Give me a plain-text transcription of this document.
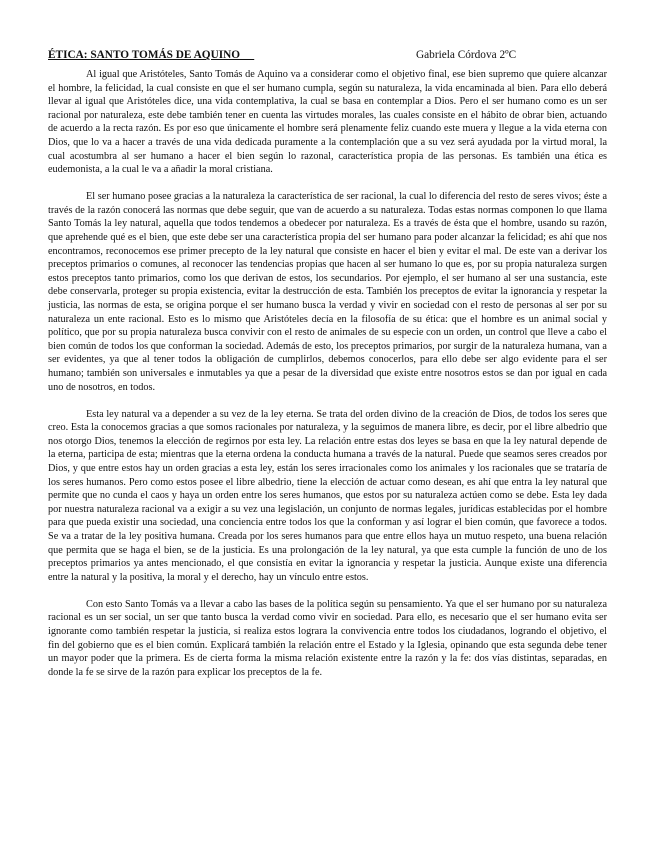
ÉTICA: SANTO TOMÁS DE AQUINO	Gabriela Córdova 2ºC

Al igual que Aristóteles, Santo Tomás de Aquino va a considerar como el objetivo final, ese bien supremo que quiere alcanzar el hombre, la felicidad, la cual consiste en que el ser humano cumpla, según su naturaleza, la vida encaminada al bien. Para ello deberá llevar al igual que Aristóteles dice, una vida contemplativa, la cual se basa en contemplar a Dios. Pero el ser humano como es un ser racional por naturaleza, este debe también tener en cuenta las virtudes morales, las cuales consiste en el hábito de obrar bien, actuando de acuerdo a la recta razón. Es por eso que únicamente el hombre será plenamente feliz cuando este muera y llegue a la vida eterna con Dios, que lo va a hacer a través de una vida dedicada puramente a la contemplación que a su vez será ayudada por la virtud moral, la cual acostumbra al ser humano a hacer el bien según lo razonal, característica propia de las personas. Es también una ética es eudemonista, a la cual le va a añadir la moral cristiana.

El ser humano posee gracias a la naturaleza la característica de ser racional, la cual lo diferencia del resto de seres vivos; éste a través de la razón conocerá las normas que debe seguir, que van de acuerdo a su naturaleza. Todas estas normas componen lo que llama Santo Tomás la ley natural, aquella que todos tendemos a obedecer por naturaleza. Es a través de ésta que el hombre, usando su razón, que aprehende qué es el bien, que este debe ser una característica propia del ser humano para poder alcanzar la felicidad; es ahí que nos encontramos, reconocemos ese primer precepto de la ley natural que consiste en hacer el bien y evitar el mal. De este van a derivar los preceptos primarios o comunes, al reconocer las tendencias propias que hacen al ser humano lo que es, por su propia naturaleza surgen estos preceptos tanto primarios, como los que derivan de estos, los secundarios. Por ejemplo, el ser humano al ser una sustancia, este debe conservarla, proteger su propia existencia, evitar la destrucción de esta. También los preceptos de evitar la ignorancia y respetar la justicia, las normas de esta, se origina porque el ser humano busca la verdad y vivir en sociedad con el resto de personas al ser por su naturaleza un ente racional. Esto es lo mismo que Aristóteles decía en la filosofía de su ética: que el hombre es un animal social y político, que por su propia naturaleza busca convivir con el resto de animales de su especie con un orden, un control que lleve a cabo el bien común de todos los que conforman la sociedad. Además de esto, los preceptos primarios, por surgir de la naturaleza humana, van a ser evidentes, ya que al tener todos la obligación de cumplirlos, debemos conocerlos, para ello debe ser algo evidente para el ser humano; también son universales e inmutables ya que a pesar de la diversidad que existe entre nosotros estos se dan por igual en cada uno de nosotros, en todos.

Esta ley natural va a depender a su vez de la ley eterna. Se trata del orden divino de la creación de Dios, de todos los seres que creo. Esta la conocemos gracias a que somos racionales por naturaleza, y la seguimos de manera libre, es decir, por el libre albedrio que nos otorgo Dios, tenemos la elección de regirnos por esta ley. La relación entre estas dos leyes se basa en que la ley natural depende de la eterna, participa de esta; mientras que la eterna ordena la conducta humana a través de la natural. Puede que seamos seres creados por Dios, y que entre estos hay un orden gracias a esta ley, están los seres irracionales como los animales y los racionales que se trataría de los seres humanos. Pero como estos posee el libre albedrio, tiene la elección de actuar como desean, es ahí que entra la ley natural que permite que no cunda el caos y haya un orden entre los seres humanos, que estos por su naturaleza actúen como se debe. Esta ley dada por nuestra naturaleza racional va a exigir a su vez una legislación, un conjunto de normas legales, jurídicas establecidas por el hombre para que pueda existir una sociedad, una conciencia entre todos los que la conforman y así lograr el bien común, que favorece a todos. Se va a tratar de la ley positiva humana. Creada por los seres humanos para que entre ellos haya un mutuo respeto, una buena relación que permita que se haga el bien, se de la justicia. Es una prolongación de la ley natural, ya que esta cumple la función de uno de los preceptos primarios ya antes mencionado, el que consistía en evitar la ignorancia y respetar la justicia. Aunque existe una diferencia entre la natural y la positiva, la moral y el derecho, hay un vínculo entre estos.

Con esto Santo Tomás va a llevar a cabo las bases de la política según su pensamiento. Ya que el ser humano por su naturaleza racional es un ser social, un ser que tanto busca la verdad como vivir en sociedad. Para ello, es necesario que el ser humano evita ser ignorante como también respetar la justicia, si realiza estos lograra la convivencia entre todos los ciudadanos, logrando el objetivo, el fin del gobierno que es el bien común. Explicará también la relación entre el Estado y la Iglesia, opinando que esta segunda debe tener un mayor poder que la primera. Es de cierta forma la misma relación existente entre la razón y la fe: dos vías distintas, separadas, en donde la fe se sirve de la razón para explicar los preceptos de la fe.
